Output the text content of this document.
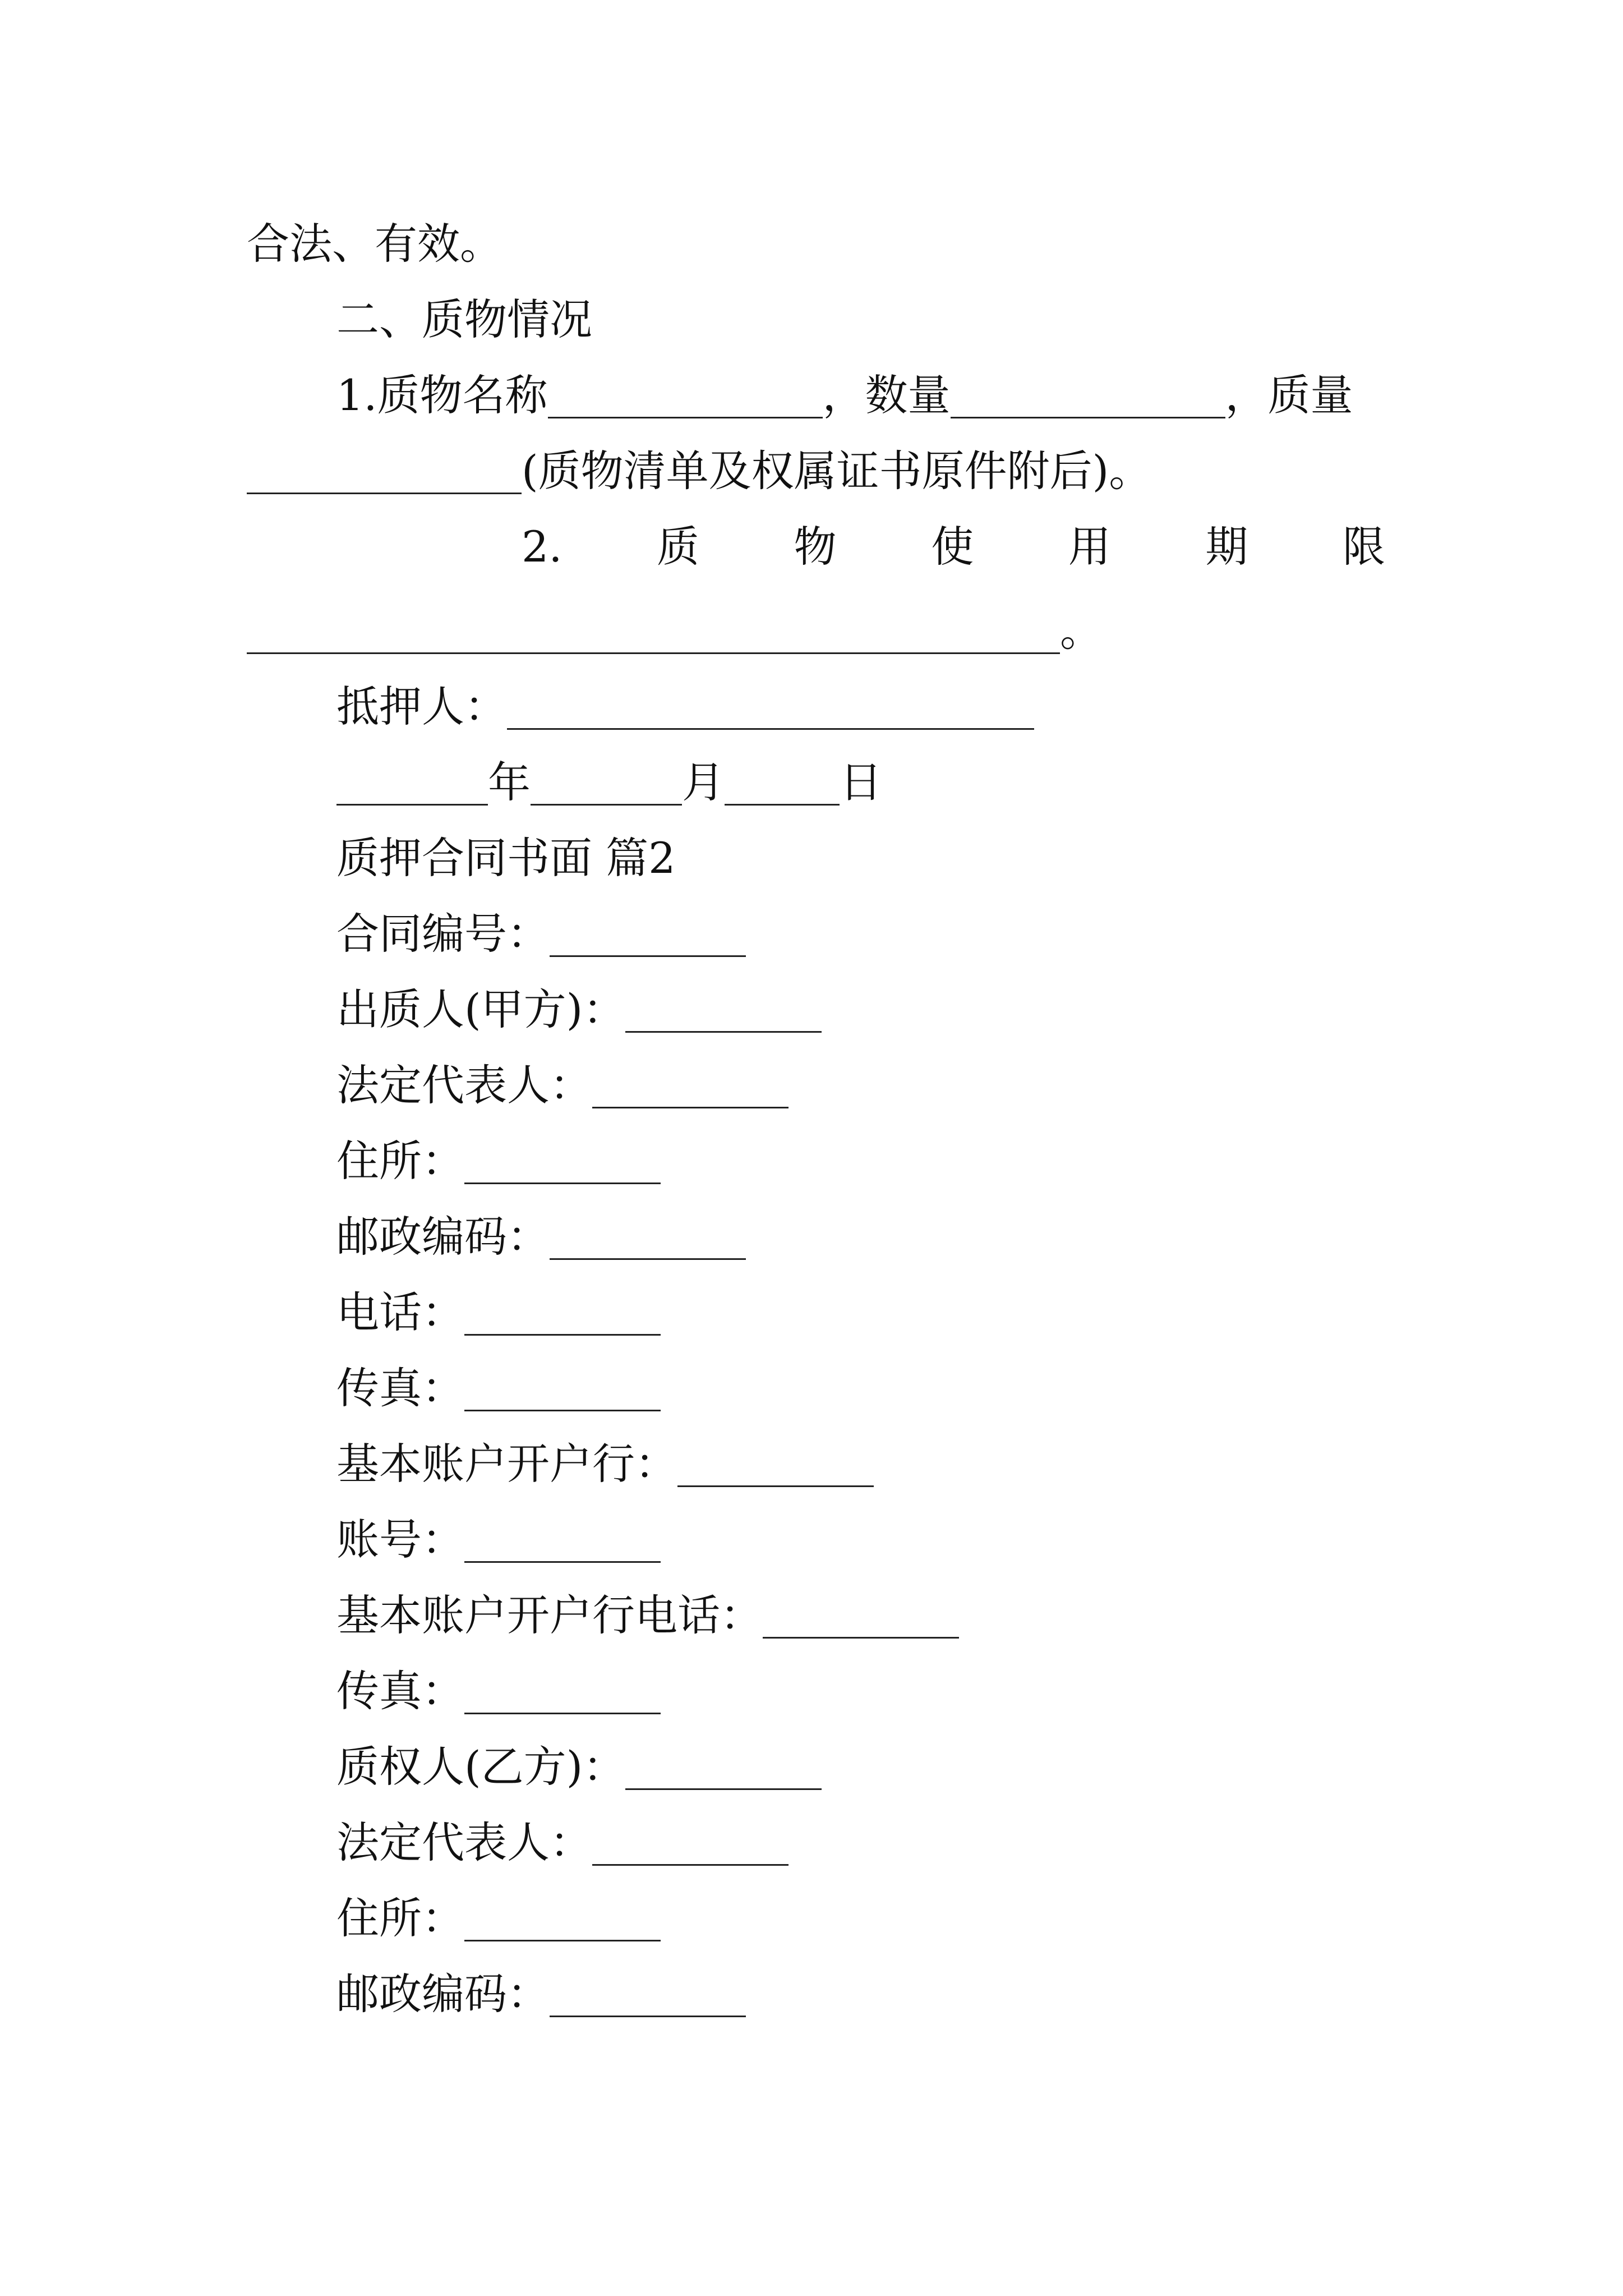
合法、有效。
二、质物情况
1.质物名称	，数量	，质量
(质物清单及权属证书原件附后)。
2. 质 物 使 用 期 限
。
抵押人：
年	月	日
质押合同书面 篇2
合同编号：
出质人(甲方)：
法定代表人：
住所：
邮政编码：
电话：
传真：
基本账户开户行：
账号：
基本账户开户行电话：
传真：
质权人(乙方)：
法定代表人：
住所：
邮政编码：
